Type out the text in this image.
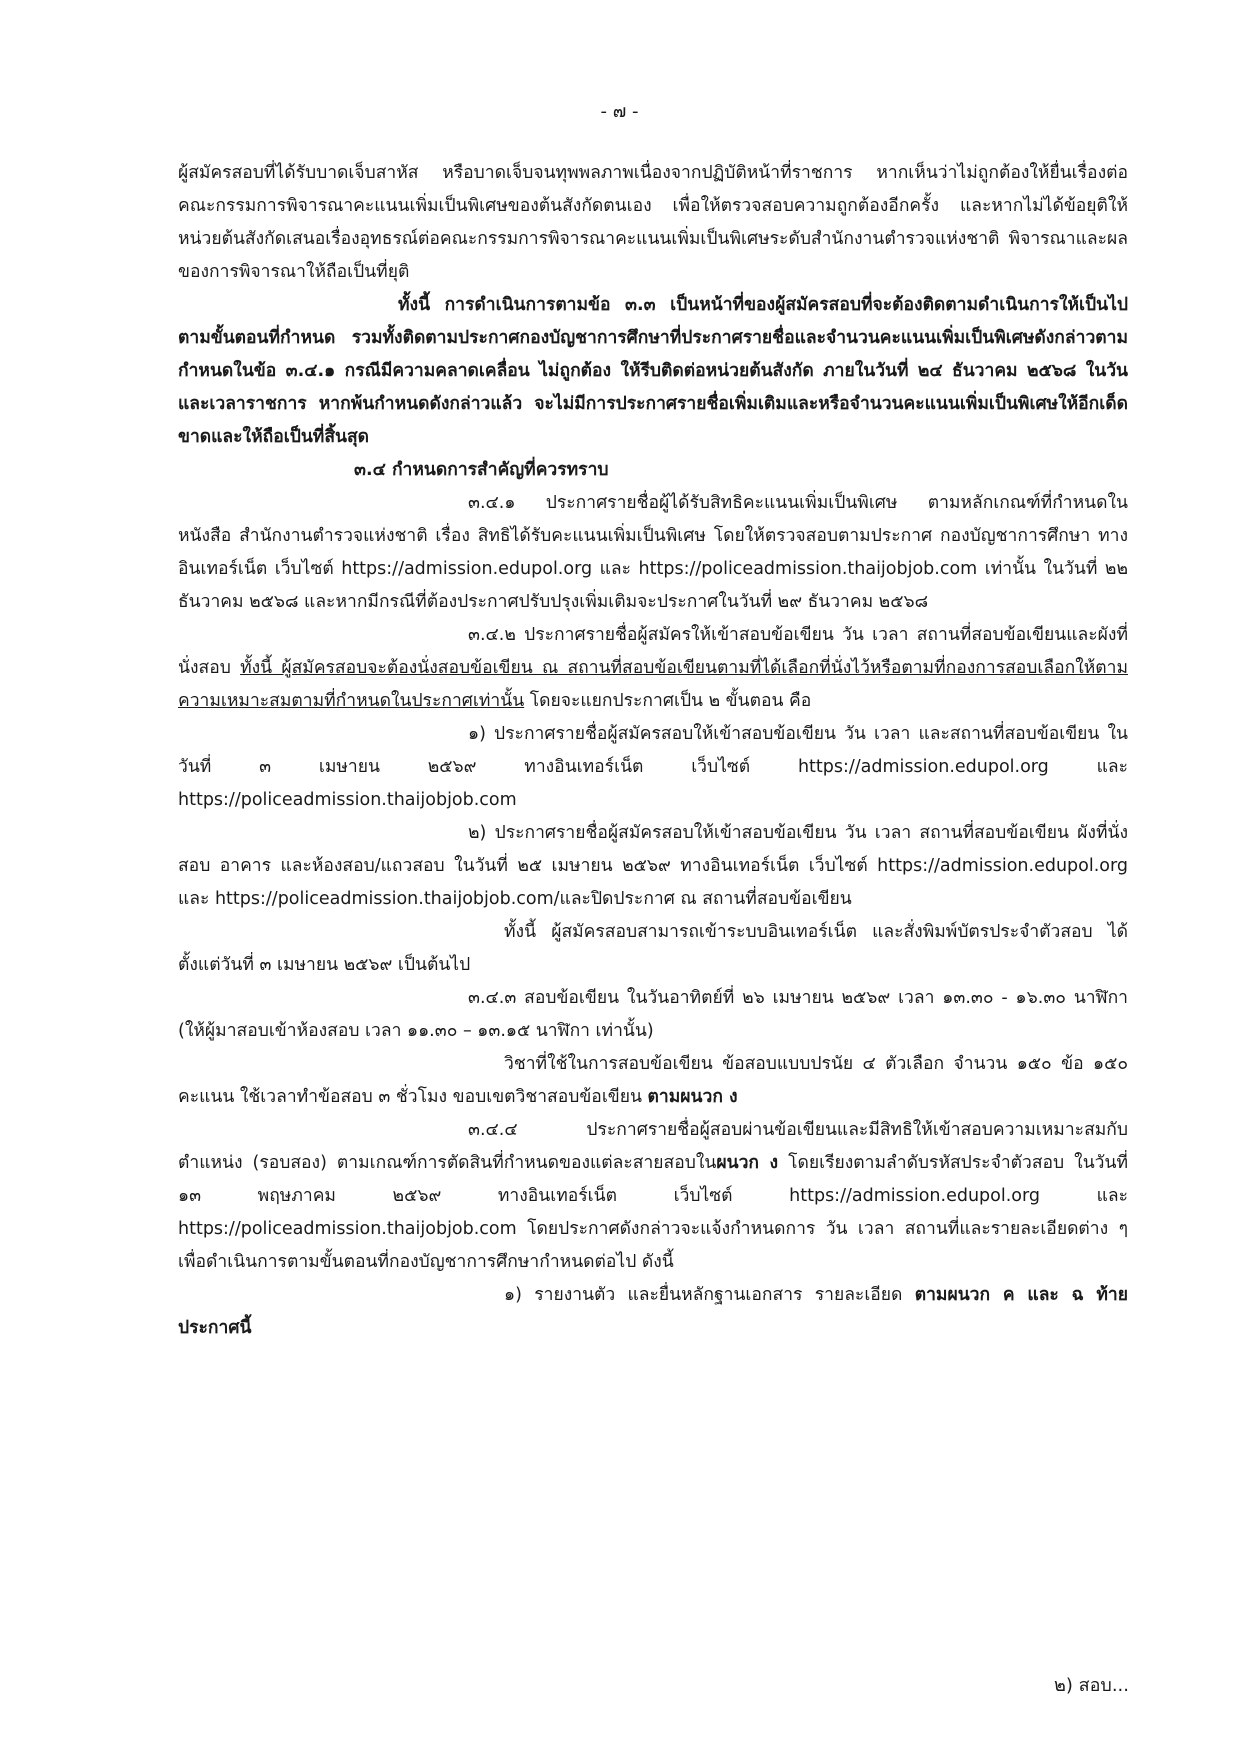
- ๗ -

ผู้สมัครสอบที่ได้รับบาดเจ็บสาหัส หรือบาดเจ็บจนทุพพลภาพเนื่องจากปฏิบัติหน้าที่ราชการ หากเห็นว่าไม่ถูกต้องให้ยื่นเรื่องต่อคณะกรรมการพิจารณาคะแนนเพิ่มเป็นพิเศษของต้นสังกัดตนเอง เพื่อให้ตรวจสอบความถูกต้องอีกครั้ง และหากไม่ได้ข้อยุติให้หน่วยต้นสังกัดเสนอเรื่องอุทธรณ์ต่อคณะกรรมการพิจารณาคะแนนเพิ่มเป็นพิเศษระดับสำนักงานตำรวจแห่งชาติ พิจารณาและผลของการพิจารณาให้ถือเป็นที่ยุติ

ทั้งนี้ การดำเนินการตามข้อ ๓.๓ เป็นหน้าที่ของผู้สมัครสอบที่จะต้องติดตามดำเนินการให้เป็นไปตามขั้นตอนที่กำหนด รวมทั้งติดตามประกาศกองบัญชาการศึกษาที่ประกาศรายชื่อและจำนวนคะแนนเพิ่มเป็นพิเศษดังกล่าวตามกำหนดในข้อ ๓.๔.๑ กรณีมีความคลาดเคลื่อน ไม่ถูกต้อง ให้รีบติดต่อหน่วยต้นสังกัด ภายในวันที่ ๒๔ ธันวาคม ๒๕๖๘ ในวันและเวลาราชการ หากพ้นกำหนดดังกล่าวแล้ว จะไม่มีการประกาศรายชื่อเพิ่มเติมและหรือจำนวนคะแนนเพิ่มเป็นพิเศษให้อีกเด็ดขาดและให้ถือเป็นที่สิ้นสุด

๓.๔ กำหนดการสำคัญที่ควรทราบ

๓.๔.๑ ประกาศรายชื่อผู้ได้รับสิทธิคะแนนเพิ่มเป็นพิเศษ ตามหลักเกณฑ์ที่กำหนดในหนังสือ สำนักงานตำรวจแห่งชาติ เรื่อง สิทธิได้รับคะแนนเพิ่มเป็นพิเศษ โดยให้ตรวจสอบตามประกาศ กองบัญชาการศึกษา ทางอินเทอร์เน็ต เว็บไซต์ https://admission.edupol.org และ https://policeadmission.thaijobjob.com เท่านั้น ในวันที่ ๒๒ ธันวาคม ๒๕๖๘ และหากมีกรณีที่ต้องประกาศปรับปรุงเพิ่มเติมจะประกาศในวันที่ ๒๙ ธันวาคม ๒๕๖๘

๓.๔.๒ ประกาศรายชื่อผู้สมัครให้เข้าสอบข้อเขียน วัน เวลา สถานที่สอบข้อเขียนและผังที่นั่งสอบ ทั้งนี้ ผู้สมัครสอบจะต้องนั่งสอบข้อเขียน ณ สถานที่สอบข้อเขียนตามที่ได้เลือกที่นั่งไว้หรือตามที่กองการสอบเลือกให้ตามความเหมาะสมตามที่กำหนดในประกาศเท่านั้น โดยจะแยกประกาศเป็น ๒ ขั้นตอน คือ

๑) ประกาศรายชื่อผู้สมัครสอบให้เข้าสอบข้อเขียน วัน เวลา และสถานที่สอบข้อเขียน ในวันที่ ๓ เมษายน ๒๕๖๙ ทางอินเทอร์เน็ต เว็บไซต์ https://admission.edupol.org และ https://policeadmission.thaijobjob.com

๒) ประกาศรายชื่อผู้สมัครสอบให้เข้าสอบข้อเขียน วัน เวลา สถานที่สอบข้อเขียน ผังที่นั่งสอบ อาคาร และห้องสอบ/แถวสอบ ในวันที่ ๒๕ เมษายน ๒๕๖๙ ทางอินเทอร์เน็ต เว็บไซต์ https://admission.edupol.org และ https://policeadmission.thaijobjob.com/และปิดประกาศ ณ สถานที่สอบข้อเขียน

ทั้งนี้ ผู้สมัครสอบสามารถเข้าระบบอินเทอร์เน็ต และสั่งพิมพ์บัตรประจำตัวสอบ ได้ตั้งแต่วันที่ ๓ เมษายน ๒๕๖๙ เป็นต้นไป

๓.๔.๓ สอบข้อเขียน ในวันอาทิตย์ที่ ๒๖ เมษายน ๒๕๖๙ เวลา ๑๓.๓๐ - ๑๖.๓๐ นาฬิกา (ให้ผู้มาสอบเข้าห้องสอบ เวลา ๑๑.๓๐ – ๑๓.๑๕ นาฬิกา เท่านั้น)

วิชาที่ใช้ในการสอบข้อเขียน ข้อสอบแบบปรนัย ๔ ตัวเลือก จำนวน ๑๕๐ ข้อ ๑๕๐ คะแนน ใช้เวลาทำข้อสอบ ๓ ชั่วโมง ขอบเขตวิชาสอบข้อเขียน ตามผนวก ง

๓.๔.๔ ประกาศรายชื่อผู้สอบผ่านข้อเขียนและมีสิทธิให้เข้าสอบความเหมาะสมกับตำแหน่ง (รอบสอง) ตามเกณฑ์การตัดสินที่กำหนดของแต่ละสายสอบในผนวก ง โดยเรียงตามลำดับรหัสประจำตัวสอบ ในวันที่ ๑๓ พฤษภาคม ๒๕๖๙ ทางอินเทอร์เน็ต เว็บไซต์ https://admission.edupol.org และ https://policeadmission.thaijobjob.com โดยประกาศดังกล่าวจะแจ้งกำหนดการ วัน เวลา สถานที่และรายละเอียดต่าง ๆ เพื่อดำเนินการตามขั้นตอนที่กองบัญชาการศึกษากำหนดต่อไป ดังนี้

๑) รายงานตัว และยื่นหลักฐานเอกสาร รายละเอียด ตามผนวก ค และ ฉ ท้ายประกาศนี้

๒) สอบ...
